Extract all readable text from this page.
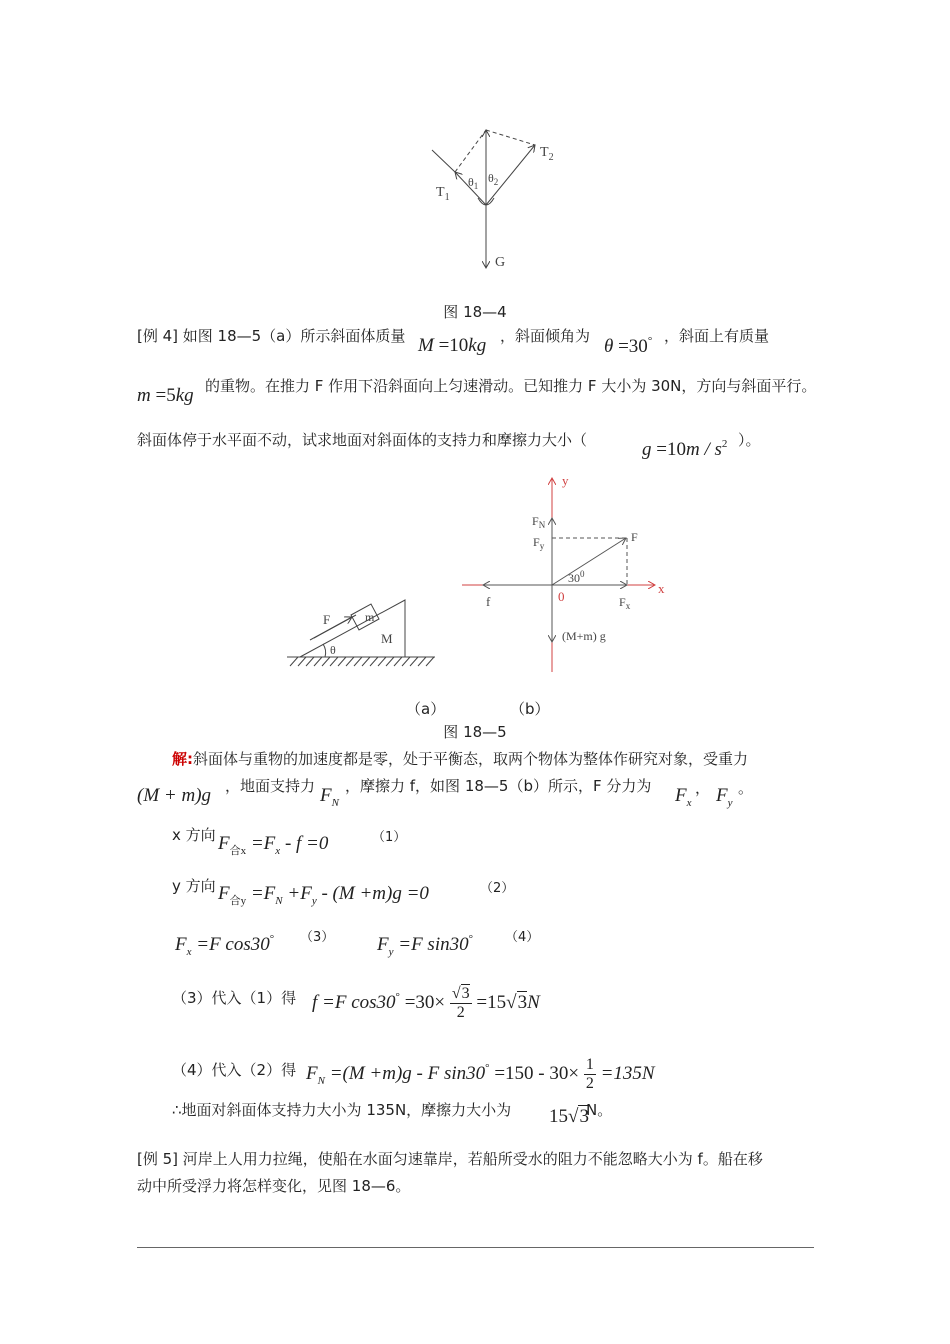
$T_1$
$T_2$
$\theta_1$
$\theta_2$
G
图 18—4
[例 4] 如图 18—5（a）所示斜面体质量 M =10kg ，斜面倾角为 θ =30° ，斜面上有质量
m =5kg 的重物。在推力 F 作用下沿斜面向上匀速滑动。已知推力 F 大小为 30N，方向与斜面平行。
斜面体停于水平面不动，试求地面对斜面体的支持力和摩擦力大小（	$g =10m / s^2$ ）。
F	m
M
θ
y
x
0
$F_N$
$F_y$
F
$30^0$
f	$F_x$
(M+m) g
（a）	（b）
图 18—5
解:斜面体与重物的加速度都是零，处于平衡态，取两个物体为整体作研究对象，受重力
(M + m)g ，地面支持力 $F_N$
，摩擦力 f，如图 18—5（b）所示，F 分力为 $F_x$
， $F_y$
。
x 方向 $F_{合x} =F_x - f =0$	（1）
y 方向 $F_{合y} =F_N +F_y - (M +m)g =0$	（2）
$F_x =F$ cos30° （3） $F_y =F$ sin30° （4）
（3）代入（1）得 f =F $\cos 30^\circ =30\times \frac{√3}{2} =15√3N$
（4）代入（2）得 $F_N =(M +m)g - F$ $\sin 30^\circ =150 - 30\times \frac{1}{2} =135N$
∴地面对斜面体支持力大小为 135N，摩擦力大小为 15√3
N。
[例 5] 河岸上人用力拉绳，使船在水面匀速靠岸，若船所受水的阻力不能忽略大小为 f。船在移
动中所受浮力将怎样变化，见图 18—6。
